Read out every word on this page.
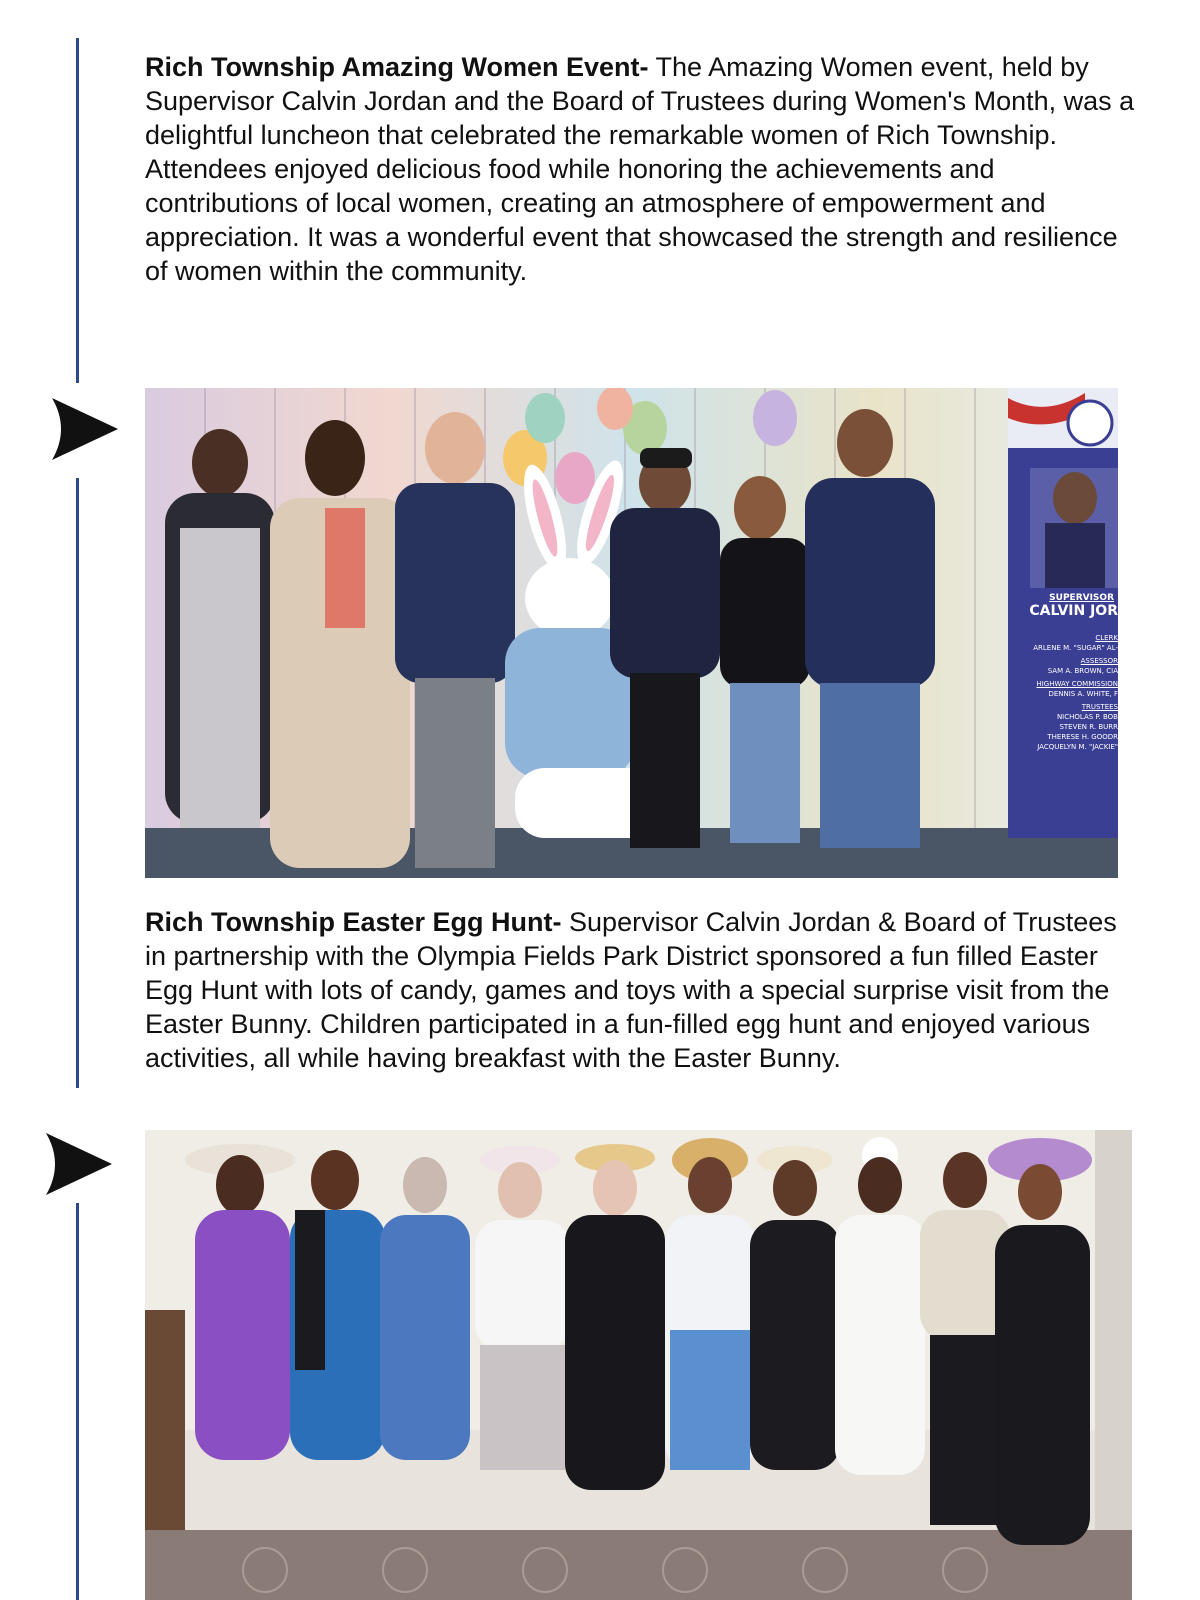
Rich Township Amazing Women Event- The Amazing Women event, held by Supervisor Calvin Jordan and the Board of Trustees during Women's Month, was a delightful luncheon that celebrated the remarkable women of Rich Township. Attendees enjoyed delicious food while honoring the achievements and contributions of local women, creating an atmosphere of empowerment and appreciation. It was a wonderful event that showcased the strength and resilience of women within the community.
SUPERVISOR
CALVIN JOR
CLERK
ARLENE M. "SUGAR" AL-
ASSESSOR
SAM A. BROWN, CIA
HIGHWAY COMMISSION
DENNIS A. WHITE, F
TRUSTEES
NICHOLAS P. BOB
STEVEN R. BURR
THERESE H. GOODR
JACQUELYN M. "JACKIE"
Rich Township Easter Egg Hunt- Supervisor Calvin Jordan & Board of Trustees in partnership with the Olympia Fields Park District sponsored a fun filled Easter Egg Hunt with lots of candy, games and toys with a special surprise visit from the Easter Bunny. Children participated in a fun-filled egg hunt and enjoyed various activities, all while having breakfast with the Easter Bunny.
